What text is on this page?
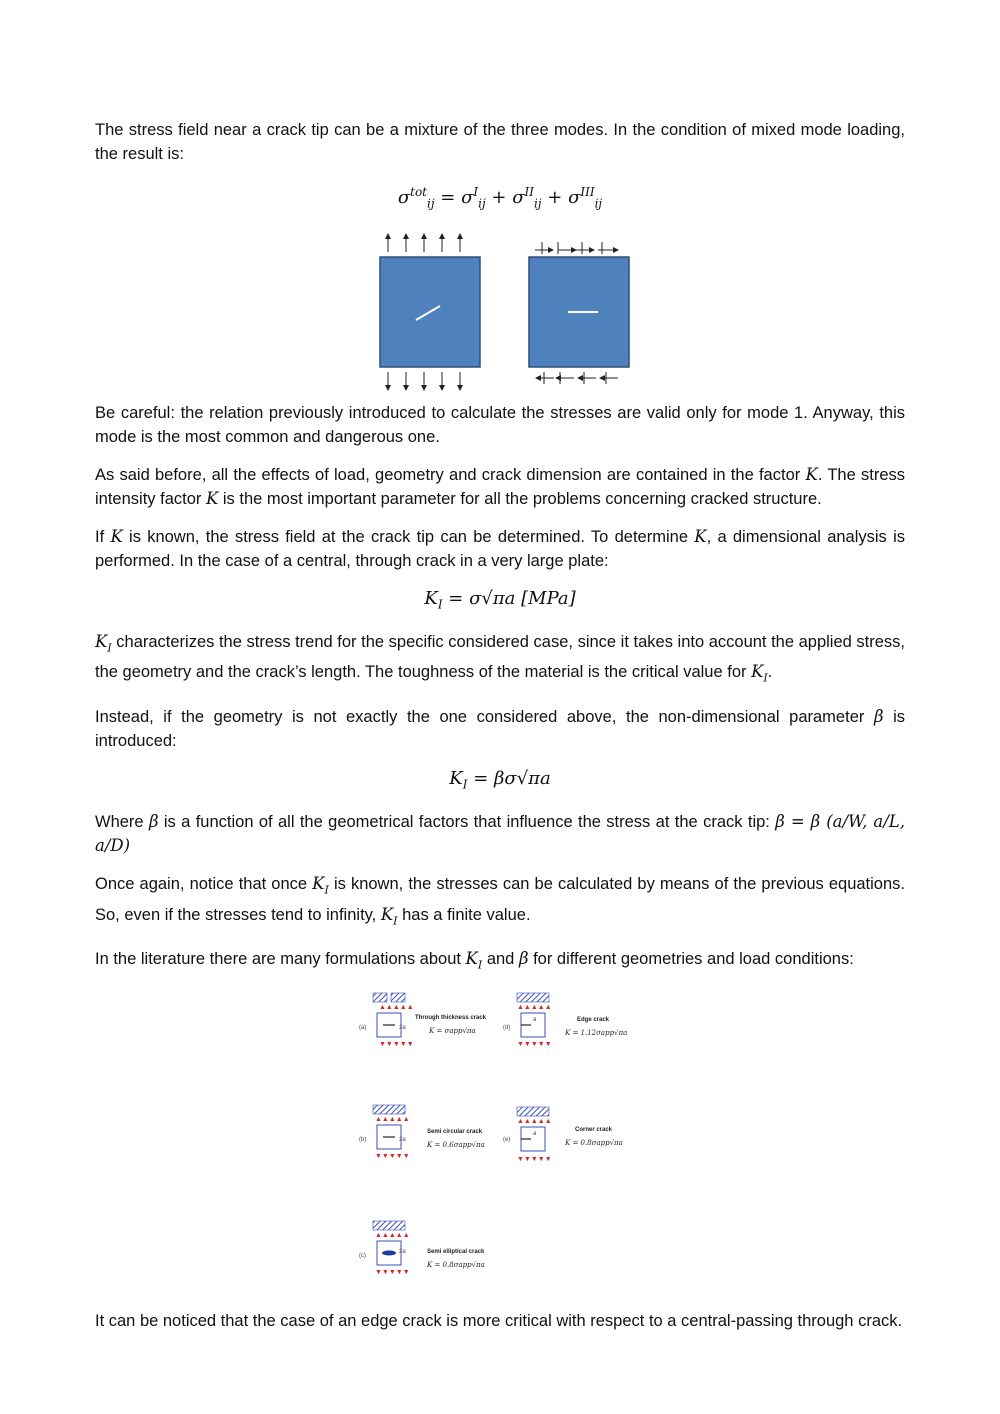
The stress field near a crack tip can be a mixture of the three modes. In the condition of mixed mode loading, the result is:

$\sigma^{tot}_{ij} = \sigma^I_{ij} + \sigma^{II}_{ij} + \sigma^{III}_{ij}$

Be careful: the relation previously introduced to calculate the stresses are valid only for mode 1. Anyway, this mode is the most common and dangerous one.

As said before, all the effects of load, geometry and crack dimension are contained in the factor K. The stress intensity factor K is the most important parameter for all the problems concerning cracked structure.

If K is known, the stress field at the crack tip can be determined. To determine K, a dimensional analysis is performed. In the case of a central, through crack in a very large plate:

$K_I = \sigma√\pi a$ [MPa]

$K_I$ characterizes the stress trend for the specific considered case, since it takes into account the applied stress, the geometry and the crack’s length. The toughness of the material is the critical value for $K_I$.

Instead, if the geometry is not exactly the one considered above, the non-dimensional parameter β is introduced:

$K_I = \beta\sigma√\pi a$

Where β is a function of all the geometrical factors that influence the stress at the crack tip: β = β (a/W, a/L, a/D)

Once again, notice that once $K_I$ is known, the stresses can be calculated by means of the previous equations. So, even if the stresses tend to infinity, $K_I$ has a finite value.

In the literature there are many formulations about $K_I$ and β for different geometries and load conditions:

▲▲▲▲▲
▼▼▼▼▼
(a)	2a
Through thickness crack
K = σapp√πa
▲▲▲▲▲
▼▼▼▼▼
(d)
a	Edge crack
K = 1.12σapp√πa
▲▲▲▲▲
▼▼▼▼▼
(b)	2a
Semi circular crack
K = 0.6σapp√πa
▲▲▲▲▲
▼▼▼▼▼
(e)
a
Corner crack
K = 0.8σapp√πa
▲▲▲▲▲
▼▼▼▼▼
(c)
2a	Semi elliptical crack
K = 0.8σapp√πa

It can be noticed that the case of an edge crack is more critical with respect to a central-passing through crack.
